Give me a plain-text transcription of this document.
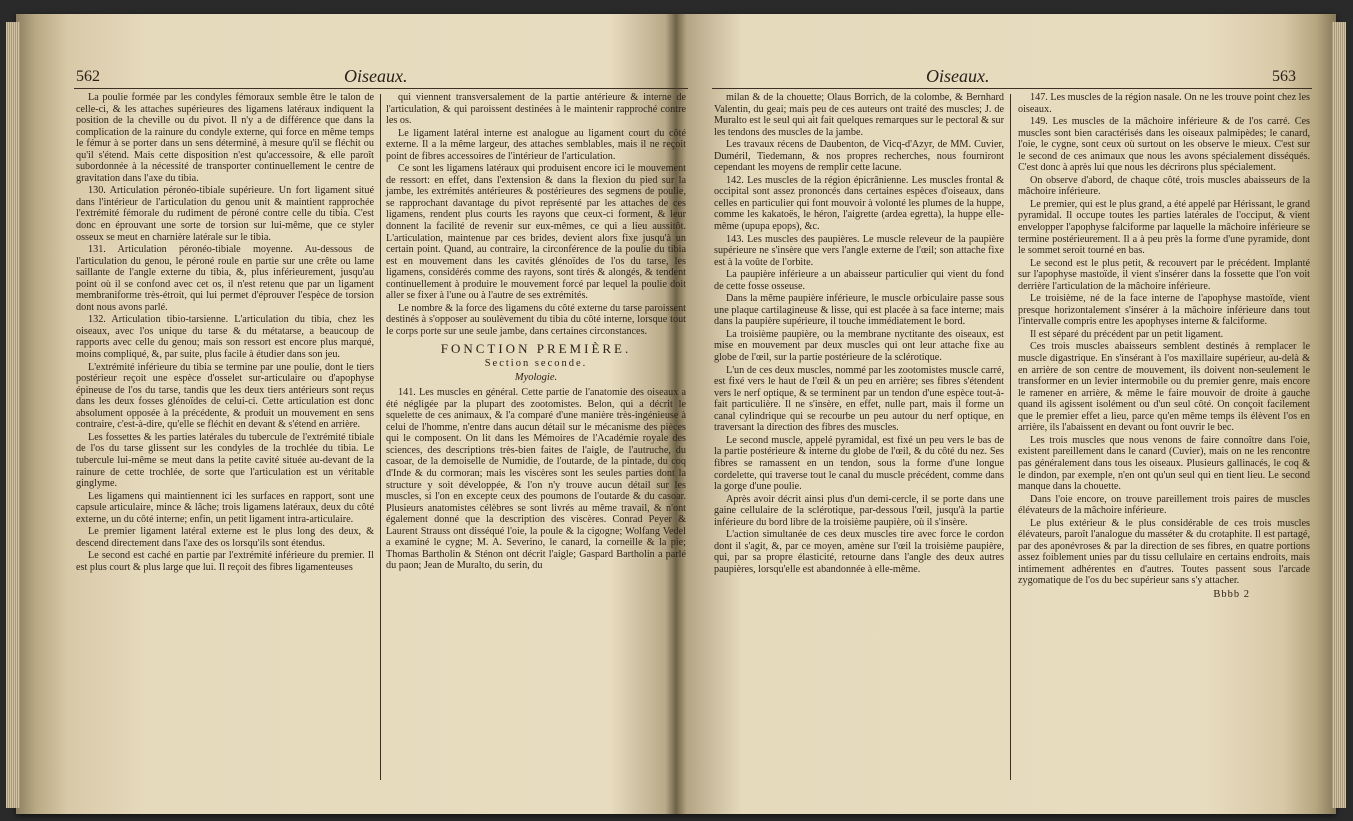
562	Oiseaux.

La poulie formée par les condyles fémoraux semble être le talon de celle-ci, & les attaches supérieures des ligamens latéraux indiquent la position de la cheville ou du pivot. Il n'y a de différence que dans la complication de la rainure du condyle externe, qui force en même temps le fémur à se porter dans un sens déterminé, à mesure qu'il se fléchit ou qu'il s'étend. Mais cette disposition n'est qu'accessoire, & elle paroît subordonnée à la nécessité de transporter continuellement le centre de gravitation dans l'axe du tibia.

130. Articulation péronéo-tibiale supérieure. Un fort ligament situé dans l'intérieur de l'articulation du genou unit & maintient rapprochée l'extrémité fémorale du rudiment de péroné contre celle du tibia. C'est donc en éprouvant une sorte de torsion sur lui-même, que ce styler osseux se meut en charnière latérale sur le tibia.

131. Articulation péronéo-tibiale moyenne. Au-dessous de l'articulation du genou, le péroné roule en partie sur une crête ou lame saillante de l'angle externe du tibia, &, plus inférieurement, jusqu'au point où il se confond avec cet os, il n'est retenu que par un ligament membraniforme très-étroit, qui lui permet d'éprouver l'espèce de torsion dont nous avons parlé.

132. Articulation tibio-tarsienne. L'articulation du tibia, chez les oiseaux, avec l'os unique du tarse & du métatarse, a beaucoup de rapports avec celle du genou; mais son ressort est encore plus marqué, moins compliqué, &, par suite, plus facile à étudier dans son jeu.

L'extrémité inférieure du tibia se termine par une poulie, dont le tiers postérieur reçoit une espèce d'osselet sur-articulaire ou d'apophyse épineuse de l'os du tarse, tandis que les deux tiers antérieurs sont reçus dans les deux fosses glénoïdes de celui-ci. Cette articulation est donc absolument opposée à la précédente, & produit un mouvement en sens contraire, c'est-à-dire, qu'elle se fléchit en devant & s'étend en arrière.

Les fossettes & les parties latérales du tubercule de l'extrémité tibiale de l'os du tarse glissent sur les condyles de la trochlée du tibia. Le tubercule lui-même se meut dans la petite cavité située au-devant de la rainure de cette trochlée, de sorte que l'articulation est un véritable ginglyme.

Les ligamens qui maintiennent ici les surfaces en rapport, sont une capsule articulaire, mince & lâche; trois ligamens latéraux, deux du côté externe, un du côté interne; enfin, un petit ligament intra-articulaire.

Le premier ligament latéral externe est le plus long des deux, & descend directement dans l'axe des os lorsqu'ils sont étendus.

Le second est caché en partie par l'extrémité inférieure du premier. Il est plus court & plus large que lui. Il reçoit des fibres ligamenteuses

qui viennent transversalement de la partie antérieure & interne de l'articulation, & qui paroissent destinées à le maintenir rapproché contre les os.

Le ligament latéral interne est analogue au ligament court du côté externe. Il a la même largeur, des attaches semblables, mais il ne reçoit point de fibres accessoires de l'intérieur de l'articulation.

Ce sont les ligamens latéraux qui produisent encore ici le mouvement de ressort: en effet, dans l'extension & dans la flexion du pied sur la jambe, les extrémités antérieures & postérieures des segmens de poulie, se rapprochant davantage du pivot représenté par les attaches de ces ligamens, rendent plus courts les rayons que ceux-ci forment, & leur donnent la facilité de revenir sur eux-mêmes, ce qui a lieu aussitôt. L'articulation, maintenue par ces brides, devient alors fixe jusqu'à un certain point. Quand, au contraire, la circonférence de la poulie du tibia est en mouvement dans les cavités glénoïdes de l'os du tarse, les ligamens, considérés comme des rayons, sont tirés & alongés, & tendent continuellement à produire le mouvement forcé par lequel la poulie doit aller se fixer à l'une ou à l'autre de ses extrémités.

Le nombre & la force des ligamens du côté externe du tarse paroissent destinés à s'opposer au soulèvement du tibia du côté interne, lorsque tout le corps porte sur une seule jambe, dans certaines circonstances.

FONCTION PREMIÈRE.
Section seconde.
Myologie.

141. Les muscles en général. Cette partie de l'anatomie des oiseaux a été négligée par la plupart des zootomistes. Belon, qui a décrit le squelette de ces animaux, & l'a comparé d'une manière très-ingénieuse à celui de l'homme, n'entre dans aucun détail sur le mécanisme des pièces qui le composent. On lit dans les Mémoires de l'Académie royale des sciences, des descriptions très-bien faites de l'aigle, de l'autruche, du casoar, de la demoiselle de Numidie, de l'outarde, de la pintade, du coq d'Inde & du cormoran; mais les viscères sont les seules parties dont la structure y soit développée, & l'on n'y trouve aucun détail sur les muscles, si l'on en excepte ceux des poumons de l'outarde & du casoar. Plusieurs anatomistes célèbres se sont livrés au même travail, & n'ont également donné que la description des viscères. Conrad Peyer & Laurent Strauss ont disséqué l'oie, la poule & la cigogne; Wolfang Vedel a examiné le cygne; M. A. Severino, le canard, la corneille & la pie; Thomas Bartholin & Sténon ont décrit l'aigle; Gaspard Bartholin a parlé du paon; Jean de Muralto, du serin, du

Oiseaux.	563

milan & de la chouette; Olaus Borrich, de la colombe, & Bernhard Valentin, du geai; mais peu de ces auteurs ont traité des muscles; J. de Muralto est le seul qui ait fait quelques remarques sur le pectoral & sur les tendons des muscles de la jambe.

Les travaux récens de Daubenton, de Vicq-d'Azyr, de MM. Cuvier, Duméril, Tiedemann, & nos propres recherches, nous fourniront cependant les moyens de remplir cette lacune.

142. Les muscles de la région épicrânienne. Les muscles frontal & occipital sont assez prononcés dans certaines espèces d'oiseaux, dans celles en particulier qui font mouvoir à volonté les plumes de la huppe, comme les kakatoës, le héron, l'aigrette (ardea egretta), la huppe elle-même (upupa epops), &c.

143. Les muscles des paupières. Le muscle releveur de la paupière supérieure ne s'insère que vers l'angle externe de l'œil; son attache fixe est à la voûte de l'orbite.

La paupière inférieure a un abaisseur particulier qui vient du fond de cette fosse osseuse.

Dans la même paupière inférieure, le muscle orbiculaire passe sous une plaque cartilagineuse & lisse, qui est placée à sa face interne; mais dans la paupière supérieure, il touche immédiatement le bord.

La troisième paupière, ou la membrane nyctitante des oiseaux, est mise en mouvement par deux muscles qui ont leur attache fixe au globe de l'œil, sur la partie postérieure de la sclérotique.

L'un de ces deux muscles, nommé par les zootomistes muscle carré, est fixé vers le haut de l'œil & un peu en arrière; ses fibres s'étendent vers le nerf optique, & se terminent par un tendon d'une espèce tout-à-fait particulière. Il ne s'insère, en effet, nulle part, mais il forme un canal cylindrique qui se recourbe un peu autour du nerf optique, en traversant la direction des fibres des muscles.

Le second muscle, appelé pyramidal, est fixé un peu vers le bas de la partie postérieure & interne du globe de l'œil, & du côté du nez. Ses fibres se ramassent en un tendon, sous la forme d'une longue cordelette, qui traverse tout le canal du muscle précédent, comme dans la gorge d'une poulie.

Après avoir décrit ainsi plus d'un demi-cercle, il se porte dans une gaine cellulaire de la sclérotique, par-dessous l'œil, jusqu'à la partie inférieure du bord libre de la troisième paupière, où il s'insère.

L'action simultanée de ces deux muscles tire avec force le cordon dont il s'agit, &, par ce moyen, amène sur l'œil la troisième paupière, qui, par sa propre élasticité, retourne dans l'angle des deux autres paupières, lorsqu'elle est abandonnée à elle-même.

147. Les muscles de la région nasale. On ne les trouve point chez les oiseaux.

149. Les muscles de la mâchoire inférieure & de l'os carré. Ces muscles sont bien caractérisés dans les oiseaux palmipèdes; le canard, l'oie, le cygne, sont ceux où surtout on les observe le mieux. C'est sur le second de ces animaux que nous les avons spécialement disséqués. C'est donc à après lui que nous les décrirons plus spécialement.

On observe d'abord, de chaque côté, trois muscles abaisseurs de la mâchoire inférieure.

Le premier, qui est le plus grand, a été appelé par Hérissant, le grand pyramidal. Il occupe toutes les parties latérales de l'occiput, & vient envelopper l'apophyse falciforme par laquelle la mâchoire inférieure se termine postérieurement. Il a à peu près la forme d'une pyramide, dont le sommet seroit tourné en bas.

Le second est le plus petit, & recouvert par le précédent. Implanté sur l'apophyse mastoïde, il vient s'insérer dans la fossette que l'on voit derrière l'articulation de la mâchoire inférieure.

Le troisième, né de la face interne de l'apophyse mastoïde, vient presque horizontalement s'insérer à la mâchoire inférieure dans tout l'intervalle compris entre les apophyses interne & falciforme.

Il est séparé du précédent par un petit ligament.

Ces trois muscles abaisseurs semblent destinés à remplacer le muscle digastrique. En s'insérant à l'os maxillaire supérieur, au-delà & en arrière de son centre de mouvement, ils doivent non-seulement le transformer en un levier intermobile ou du premier genre, mais encore le ramener en arrière, & même le faire mouvoir de droite à gauche quand ils agissent isolément ou d'un seul côté. On conçoit facilement que le premier effet a lieu, parce qu'en même temps ils élèvent l'os en arrière, ils l'abaissent en devant ou font ouvrir le bec.

Les trois muscles que nous venons de faire connoître dans l'oie, existent pareillement dans le canard (Cuvier), mais on ne les rencontre pas généralement dans tous les oiseaux. Plusieurs gallinacés, le coq & le dindon, par exemple, n'en ont qu'un seul qui en tient lieu. Le second manque dans la chouette.

Dans l'oie encore, on trouve pareillement trois paires de muscles élévateurs de la mâchoire inférieure.

Le plus extérieur & le plus considérable de ces trois muscles élévateurs, paroît l'analogue du masséter & du crotaphite. Il est partagé, par des aponévroses & par la direction de ses fibres, en quatre portions assez foiblement unies par du tissu cellulaire en certains endroits, mais intimement adhérentes en d'autres. Toutes passent sous l'arcade zygomatique de l'os du bec supérieur sans s'y attacher.

Bbbb 2
